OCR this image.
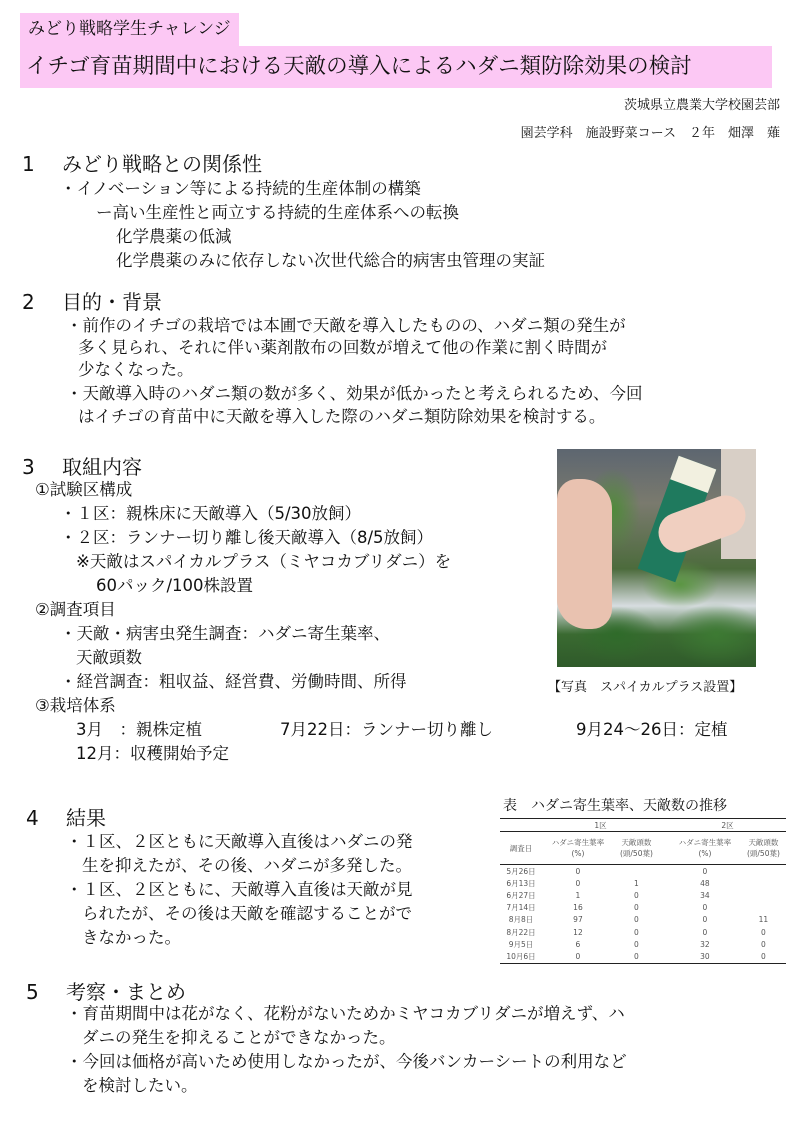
イチゴ育苗期間中における天敵の導入によるハダニ類防除効果の検討
みどり戦略学生チャレンジ
茨城県立農業大学校園芸部
園芸学科　施設野菜コース　２年　畑澤　薙
1 みどり戦略との関係性
・イノベーション等による持続的生産体制の構築
ー高い生産性と両立する持続的生産体系への転換
化学農薬の低減
化学農薬のみに依存しない次世代総合的病害虫管理の実証
2 目的・背景
・前作のイチゴの栽培では本圃で天敵を導入したものの、ハダニ類の発生が
多く見られ、それに伴い薬剤散布の回数が増えて他の作業に割く時間が
少なくなった。
・天敵導入時のハダニ類の数が多く、効果が低かったと考えられるため、今回
はイチゴの育苗中に天敵を導入した際のハダニ類防除効果を検討する。
3 取組内容
①試験区構成
・１区：親株床に天敵導入（5/30放飼）
・２区：ランナー切り離し後天敵導入（8/5放飼）
※天敵はスパイカルプラス（ミヤコカブリダニ）を
60パック/100株設置
②調査項目
・天敵・病害虫発生調査：ハダニ寄生葉率、
天敵頭数
・経営調査：粗収益、経営費、労働時間、所得
③栽培体系
3月　：親株定植	7月22日：ランナー切り離し	9月24～26日：定植
12月：収穫開始予定
【写真　スパイカルプラス設置】
4 結果
・１区、２区ともに天敵導入直後はハダニの発
生を抑えたが、その後、ハダニが多発した。
・１区、２区ともに、天敵導入直後は天敵が見
られたが、その後は天敵を確認することがで
きなかった。
表　ハダニ寄生葉率、天敵数の推移
	1区			2区	
調査日	ハダニ寄生葉率
(%)	天敵頭数
(頭/50葉)		ハダニ寄生葉率
(%)	天敵頭数
(頭/50葉)
5月26日	0			0	
6月13日	0	1		48	
6月27日	1	0		34	
7月14日	16	0		0	
8月8日	97	0		0	11
8月22日	12	0		0	0
9月5日	6	0		32	0
10月6日	0	0		30	0
5 考察・まとめ
・育苗期間中は花がなく、花粉がないためかミヤコカブリダニが増えず、ハ
ダニの発生を抑えることができなかった。
・今回は価格が高いため使用しなかったが、今後バンカーシートの利用など
を検討したい。
